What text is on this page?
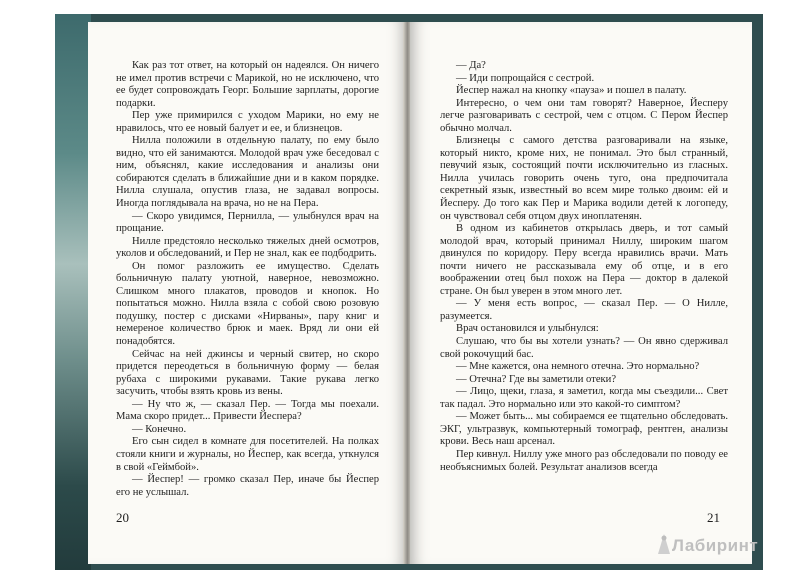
Как раз тот ответ, на который он надеялся. Он ничего не имел против встречи с Марикой, но не исключено, что ее будет сопровождать Георг. Большие зарплаты, дорогие подарки.

Пер уже примирился с уходом Марики, но ему не нравилось, что ее новый балует и ее, и близнецов.

Нилла положили в отдельную палату, по ему было видно, что ей занимаются. Молодой врач уже беседовал с ним, объяснял, какие исследования и анализы они собираются сделать в ближайшие дни и в каком порядке. Нилла слушала, опустив глаза, не задавал вопросы. Иногда поглядывала на врача, но не на Пера.

— Скоро увидимся, Пернилла, — улыбнулся врач на прощание.

Нилле предстояло несколько тяжелых дней осмотров, уколов и обследований, и Пер не знал, как ее подбодрить.

Он помог разложить ее имущество. Сделать больничную палату уютной, наверное, невозможно. Слишком много плакатов, проводов и кнопок. Но попытаться можно. Нилла взяла с собой свою розовую подушку, постер с дисками «Нирваны», пару книг и немереное количество брюк и маек. Вряд ли они ей понадобятся.

Сейчас на ней джинсы и черный свитер, но скоро придется переодеться в больничную форму — белая рубаха с широкими рукавами. Такие рукава легко засучить, чтобы взять кровь из вены.

— Ну что ж, — сказал Пер. — Тогда мы поехали. Мама скоро придет... Привести Йеспера?

— Конечно.

Его сын сидел в комнате для посетителей. На полках стояли книги и журналы, но Йеспер, как всегда, уткнулся в свой «Геймбой».

— Йеспер! — громко сказал Пер, иначе бы Йеспер его не услышал.

20

— Да?

— Иди попрощайся с сестрой.

Йеспер нажал на кнопку «пауза» и пошел в палату.

Интересно, о чем они там говорят? Наверное, Йесперу легче разговаривать с сестрой, чем с отцом. С Пером Йеспер обычно молчал.

Близнецы с самого детства разговаривали на языке, который никто, кроме них, не понимал. Это был странный, певучий язык, состоящий почти исключительно из гласных. Нилла училась говорить очень туго, она предпочитала секретный язык, известный во всем мире только двоим: ей и Йесперу. До того как Пер и Марика водили детей к логопеду, он чувствовал себя отцом двух иноплатенян.

В одном из кабинетов открылась дверь, и тот самый молодой врач, который принимал Ниллу, широким шагом двинулся по коридору. Перу всегда нравились врачи. Мать почти ничего не рассказывала ему об отце, и в его воображении отец был похож на Пера — доктор в далекой стране. Он был уверен в этом много лет.

— У меня есть вопрос, — сказал Пер. — О Нилле, разумеется.

Врач остановился и улыбнулся:

Слушаю, что бы вы хотели узнать? — Он явно сдерживал свой рокочущий бас.

— Мне кажется, она немного отечна. Это нормально?

— Отечна? Где вы заметили отеки?

— Лицо, щеки, глаза, я заметил, когда мы съездили... Свет так падал. Это нормально или это какой-то симптом?

— Может быть... мы собираемся ее тщательно обследовать. ЭКГ, ультразвук, компьютерный томограф, рентген, анализы крови. Весь наш арсенал.

Пер кивнул. Ниллу уже много раз обследовали по поводу ее необъяснимых болей. Результат анализов всегда

21
Лабиринт
